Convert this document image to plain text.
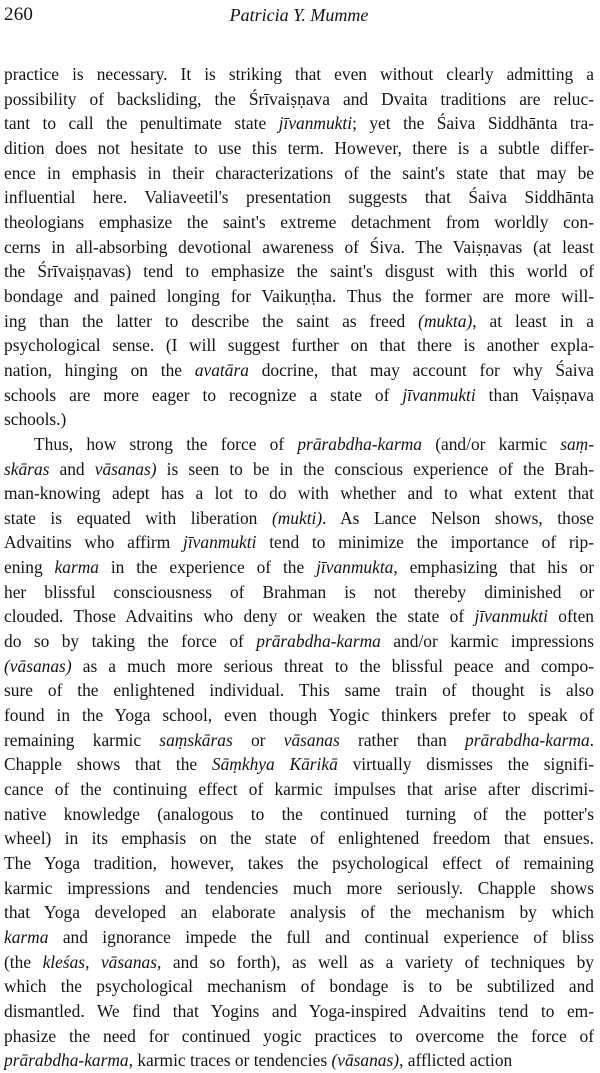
260	Patricia Y. Mumme
practice is necessary. It is striking that even without clearly admitting a
possibility of backsliding, the Śrīvaiṣṇava and Dvaita traditions are reluc-
tant to call the penultimate state jīvanmukti; yet the Śaiva Siddhānta tra-
dition does not hesitate to use this term. However, there is a subtle differ-
ence in emphasis in their characterizations of the saint's state that may be
influential here. Valiaveetil's presentation suggests that Śaiva Siddhānta
theologians emphasize the saint's extreme detachment from worldly con-
cerns in all-absorbing devotional awareness of Śiva. The Vaiṣṇavas (at least
the Śrīvaiṣṇavas) tend to emphasize the saint's disgust with this world of
bondage and pained longing for Vaikuṇṭha. Thus the former are more will-
ing than the latter to describe the saint as freed (mukta), at least in a
psychological sense. (I will suggest further on that there is another expla-
nation, hinging on the avatāra docrine, that may account for why Śaiva
schools are more eager to recognize a state of jīvanmukti than Vaiṣṇava
schools.)
Thus, how strong the force of prārabdha-karma (and/or karmic saṃ-
skāras and vāsanas) is seen to be in the conscious experience of the Brah-
man-knowing adept has a lot to do with whether and to what extent that
state is equated with liberation (mukti). As Lance Nelson shows, those
Advaitins who affirm jīvanmukti tend to minimize the importance of rip-
ening karma in the experience of the jīvanmukta, emphasizing that his or
her blissful consciousness of Brahman is not thereby diminished or
clouded. Those Advaitins who deny or weaken the state of jīvanmukti often
do so by taking the force of prārabdha-karma and/or karmic impressions
(vāsanas) as a much more serious threat to the blissful peace and compo-
sure of the enlightened individual. This same train of thought is also
found in the Yoga school, even though Yogic thinkers prefer to speak of
remaining karmic saṃskāras or vāsanas rather than prārabdha-karma.
Chapple shows that the Sāṃkhya Kārikā virtually dismisses the signifi-
cance of the continuing effect of karmic impulses that arise after discrimi-
native knowledge (analogous to the continued turning of the potter's
wheel) in its emphasis on the state of enlightened freedom that ensues.
The Yoga tradition, however, takes the psychological effect of remaining
karmic impressions and tendencies much more seriously. Chapple shows
that Yoga developed an elaborate analysis of the mechanism by which
karma and ignorance impede the full and continual experience of bliss
(the kleśas, vāsanas, and so forth), as well as a variety of techniques by
which the psychological mechanism of bondage is to be subtilized and
dismantled. We find that Yogins and Yoga-inspired Advaitins tend to em-
phasize the need for continued yogic practices to overcome the force of
prārabdha-karma, karmic traces or tendencies (vāsanas), afflicted action
